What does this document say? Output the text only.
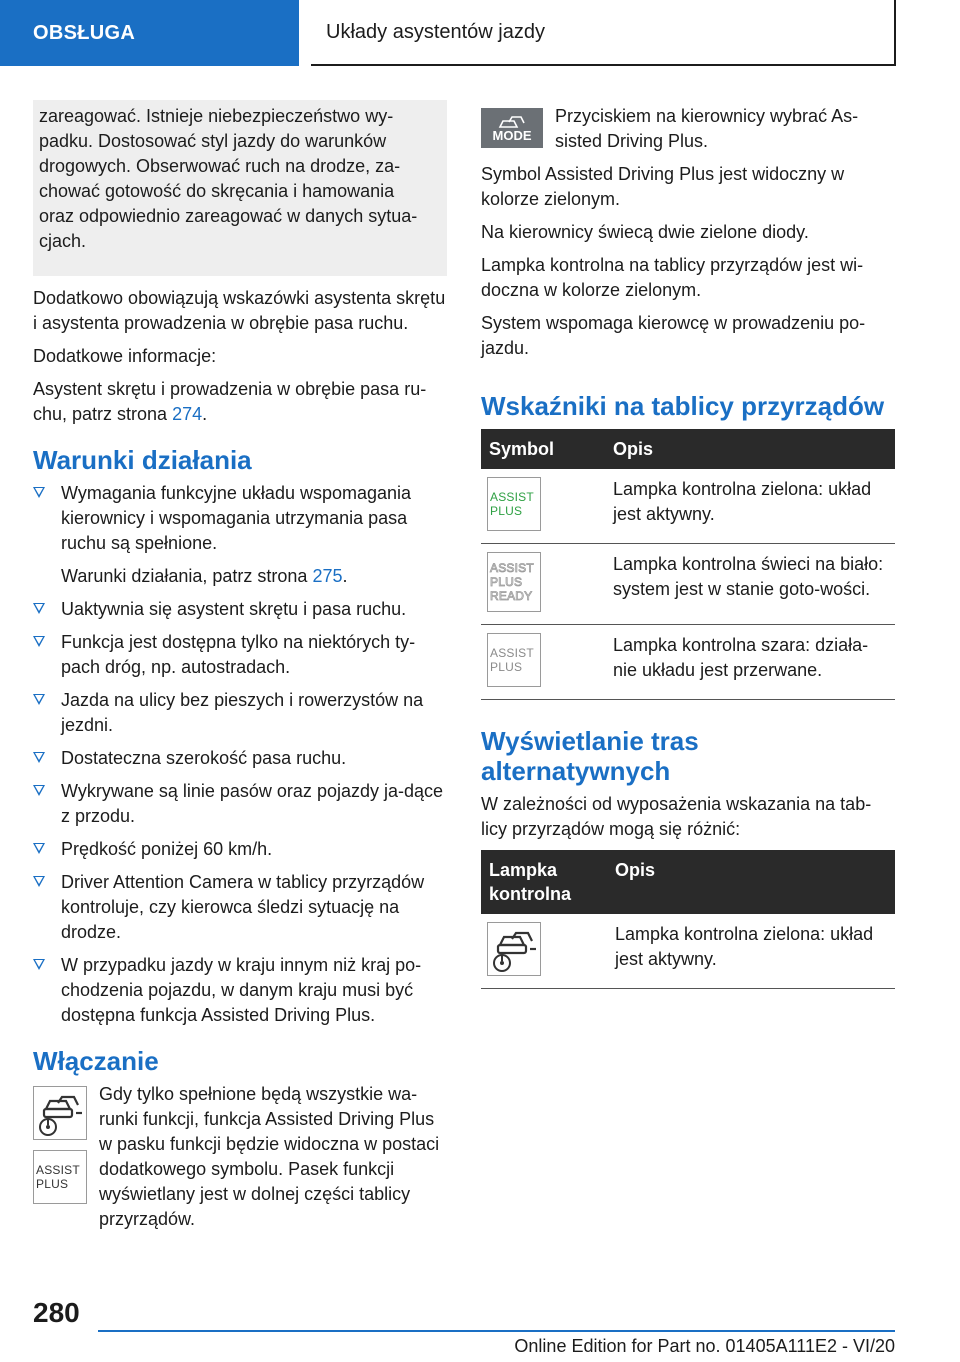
OBSŁUGA	Układy asystentów jazdy

zareagować. Istnieje niebezpieczeństwo wy‐

padku. Dostosować styl jazdy do warunków

drogowych. Obserwować ruch na drodze, za‐

chować gotowość do skręcania i hamowania

oraz odpowiednio zareagować w danych sytua‐

cjach.

Dodatkowo obowiązują wskazówki asystenta skrętu i asystenta prowadzenia w obrębie pasa ruchu.

Dodatkowe informacje:

Asystent skrętu i prowadzenia w obrębie pasa ru‐chu, patrz strona 274.

Warunki działania
Wymagania funkcyjne układu wspomagania kierownicy i wspomagania utrzymania pasa ruchu są spełnione.
Warunki działania, patrz strona 275.
Uaktywnia się asystent skrętu i pasa ruchu.
Funkcja jest dostępna tylko na niektórych ty‐pach dróg, np. autostradach.
Jazda na ulicy bez pieszych i rowerzystów na jezdni.
Dostateczna szerokość pasa ruchu.
Wykrywane są linie pasów oraz pojazdy ja‐dące z przodu.
Prędkość poniżej 60 km/h.
Driver Attention Camera w tablicy przyrządów kontroluje, czy kierowca śledzi sytuację na drodze.
W przypadku jazdy w kraju innym niż kraj po‐chodzenia pojazdu, w danym kraju musi być dostępna funkcja Assisted Driving Plus.
Włączanie
ASSIST
PLUS

Gdy tylko spełnione będą wszystkie wa‐runki funkcji, funkcja Assisted Driving Plus w pasku funkcji będzie widoczna w postaci dodatkowego symbolu. Pasek funkcji wyświetlany jest w dolnej części tablicy przyrządów.

MODE

Przyciskiem na kierownicy wybrać As‐sisted Driving Plus.

Symbol Assisted Driving Plus jest widoczny w kolorze zielonym.

Na kierownicy świecą dwie zielone diody.

Lampka kontrolna na tablicy przyrządów jest wi‐doczna w kolorze zielonym.

System wspomaga kierowcę w prowadzeniu po‐jazdu.

Wskaźniki na tablicy przyrządów
Symbol	Opis

ASSIST
PLUS	Lampka kontrolna zielona: układ jest aktywny.

ASSIST
PLUS
READY	Lampka kontrolna świeci na biało: system jest w stanie goto‐wości.

ASSIST
PLUS	Lampka kontrolna szara: działa‐nie układu jest przerwane.
Wyświetlanie tras alternatywnych

W zależności od wyposażenia wskazania na tab‐licy przyrządów mogą się różnić:

Lampka kontrolna	Opis

	Lampka kontrolna zielona: układ jest aktywny.
280
Online Edition for Part no. 01405A111E2 - VI/20
